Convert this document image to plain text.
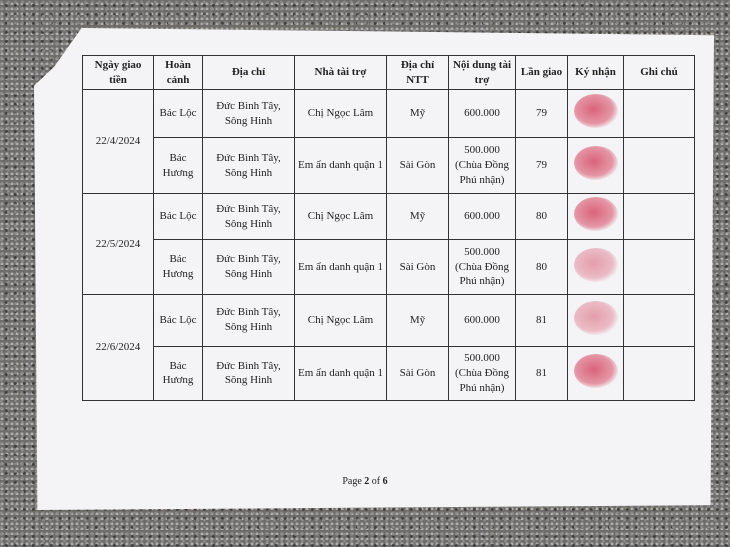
Ngày giao tiền	Hoàn cảnh	Địa chỉ	Nhà tài trợ	Địa chỉ NTT	Nội dung tài trợ	Lần giao	Ký nhận	Ghi chú
22/4/2024	Bác Lộc	Đức Bình Tây, Sông Hinh	Chị Ngọc Lâm	Mỹ	600.000	79		
	Bác Hương	Đức Bình Tây, Sông Hinh	Em ẩn danh quận 1	Sài Gòn	500.000 (Chùa Đồng Phú nhận)	79		
22/5/2024	Bác Lộc	Đức Bình Tây, Sông Hinh	Chị Ngọc Lâm	Mỹ	600.000	80		
	Bác Hương	Đức Bình Tây, Sông Hinh	Em ẩn danh quận 1	Sài Gòn	500.000 (Chùa Đồng Phú nhận)	80		
22/6/2024	Bác Lộc	Đức Bình Tây, Sông Hinh	Chị Ngọc Lâm	Mỹ	600.000	81		
	Bác Hương	Đức Bình Tây, Sông Hinh	Em ẩn danh quận 1	Sài Gòn	500.000 (Chùa Đồng Phú nhận)	81		
Page 2 of 6
